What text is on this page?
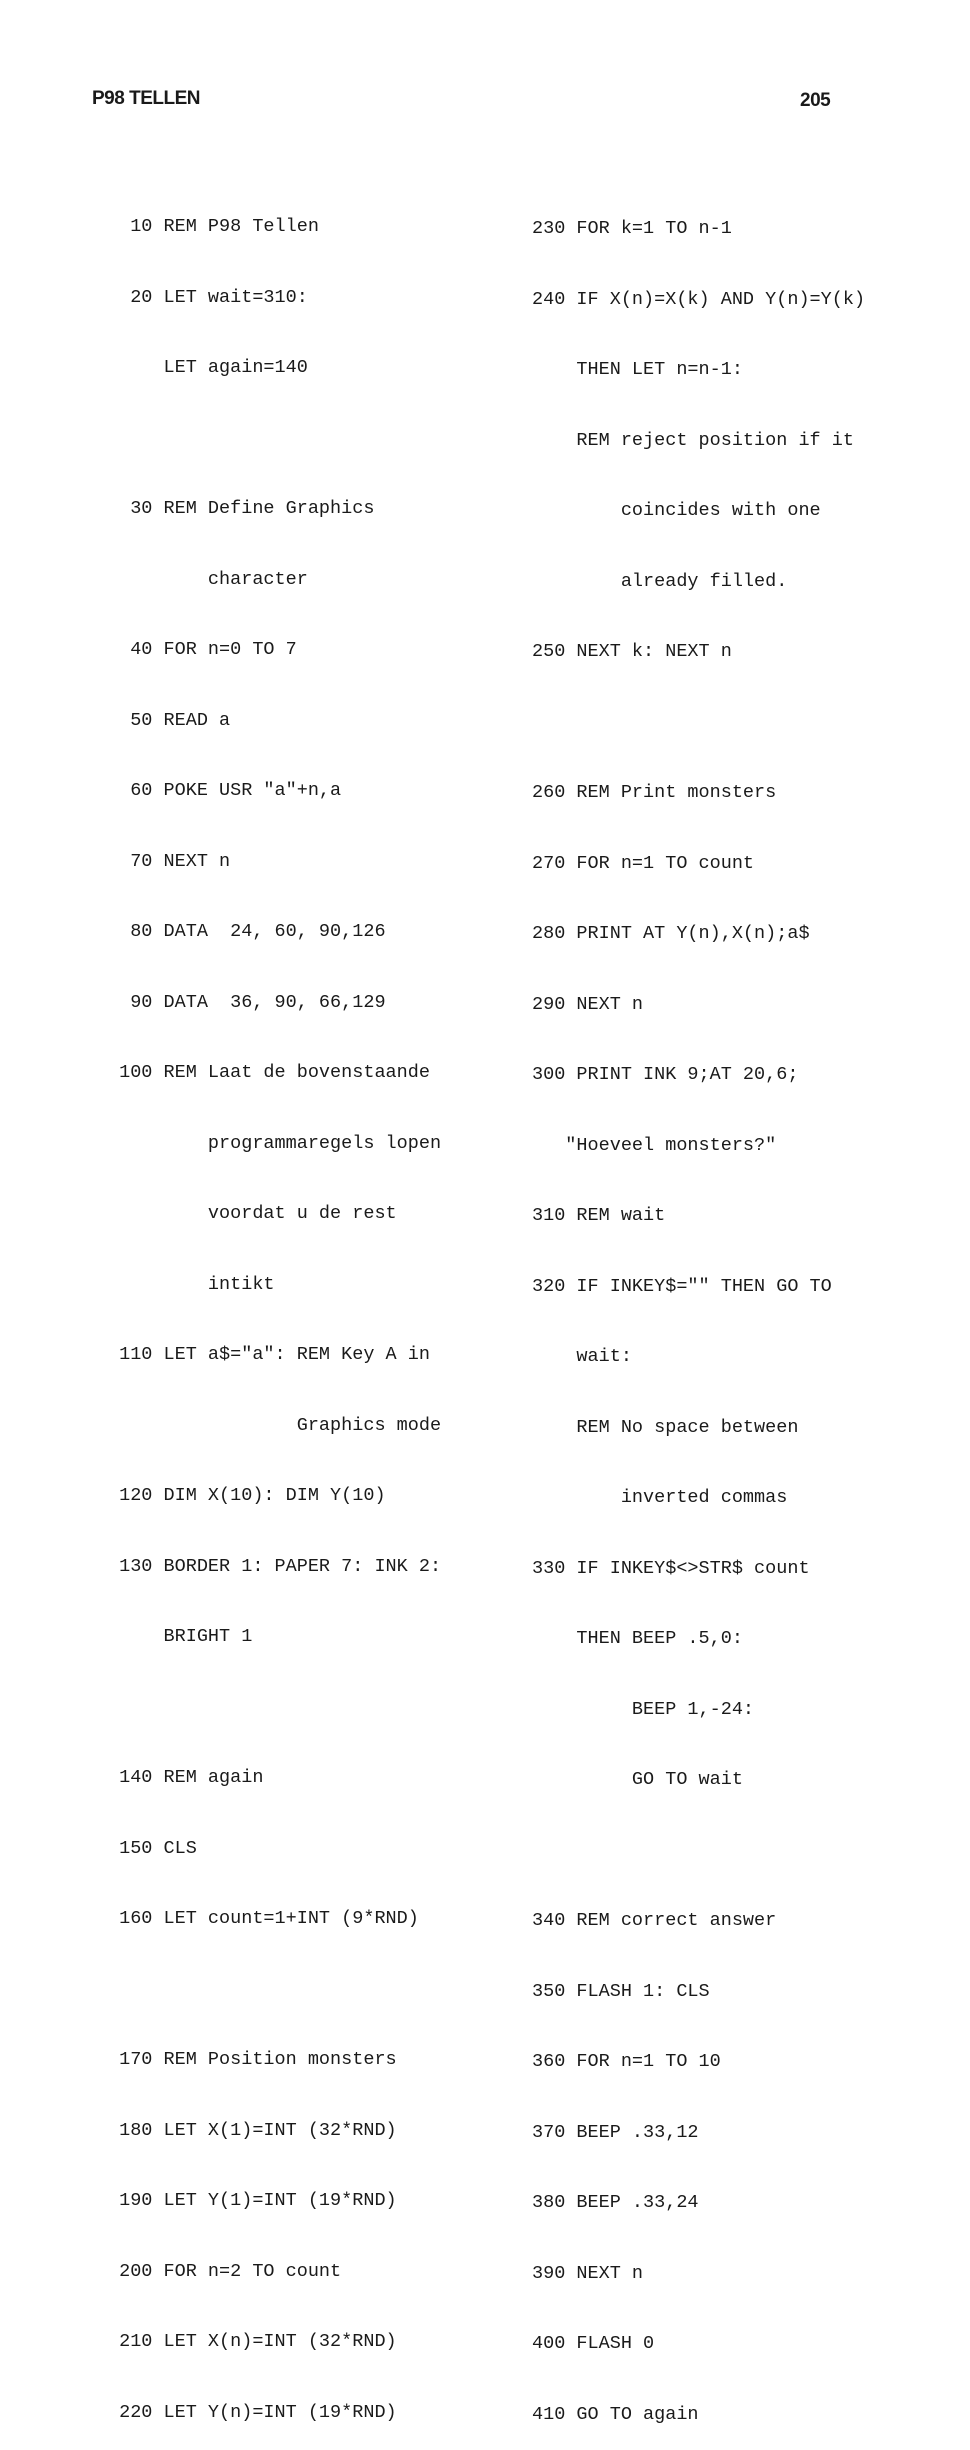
P98 TELLEN	205

10 REM P98 Tellen

20 LET wait=310:

LET again=140

30 REM Define Graphics

character

40 FOR n=0 TO 7

50 READ a

60 POKE USR "a"+n,a

70 NEXT n

80 DATA  24, 60, 90,126

90 DATA  36, 90, 66,129

100 REM Laat de bovenstaande

programmaregels lopen

voordat u de rest

intikt

110 LET a$="a": REM Key A in

Graphics mode

120 DIM X(10): DIM Y(10)

130 BORDER 1: PAPER 7: INK 2:

BRIGHT 1

140 REM again

150 CLS

160 LET count=1+INT (9*RND)

170 REM Position monsters

180 LET X(1)=INT (32*RND)

190 LET Y(1)=INT (19*RND)

200 FOR n=2 TO count

210 LET X(n)=INT (32*RND)

220 LET Y(n)=INT (19*RND)

230 FOR k=1 TO n-1

240 IF X(n)=X(k) AND Y(n)=Y(k)

THEN LET n=n-1:

REM reject position if it

coincides with one

already filled.

250 NEXT k: NEXT n

260 REM Print monsters

270 FOR n=1 TO count

280 PRINT AT Y(n),X(n);a$

290 NEXT n

300 PRINT INK 9;AT 20,6;

"Hoeveel monsters?"

310 REM wait

320 IF INKEY$="" THEN GO TO

wait:

REM No space between

inverted commas

330 IF INKEY$<>STR$ count

THEN BEEP .5,0:

BEEP 1,-24:

GO TO wait

340 REM correct answer

350 FLASH 1: CLS

360 FOR n=1 TO 10

370 BEEP .33,12

380 BEEP .33,24

390 NEXT n

400 FLASH 0

410 GO TO again
